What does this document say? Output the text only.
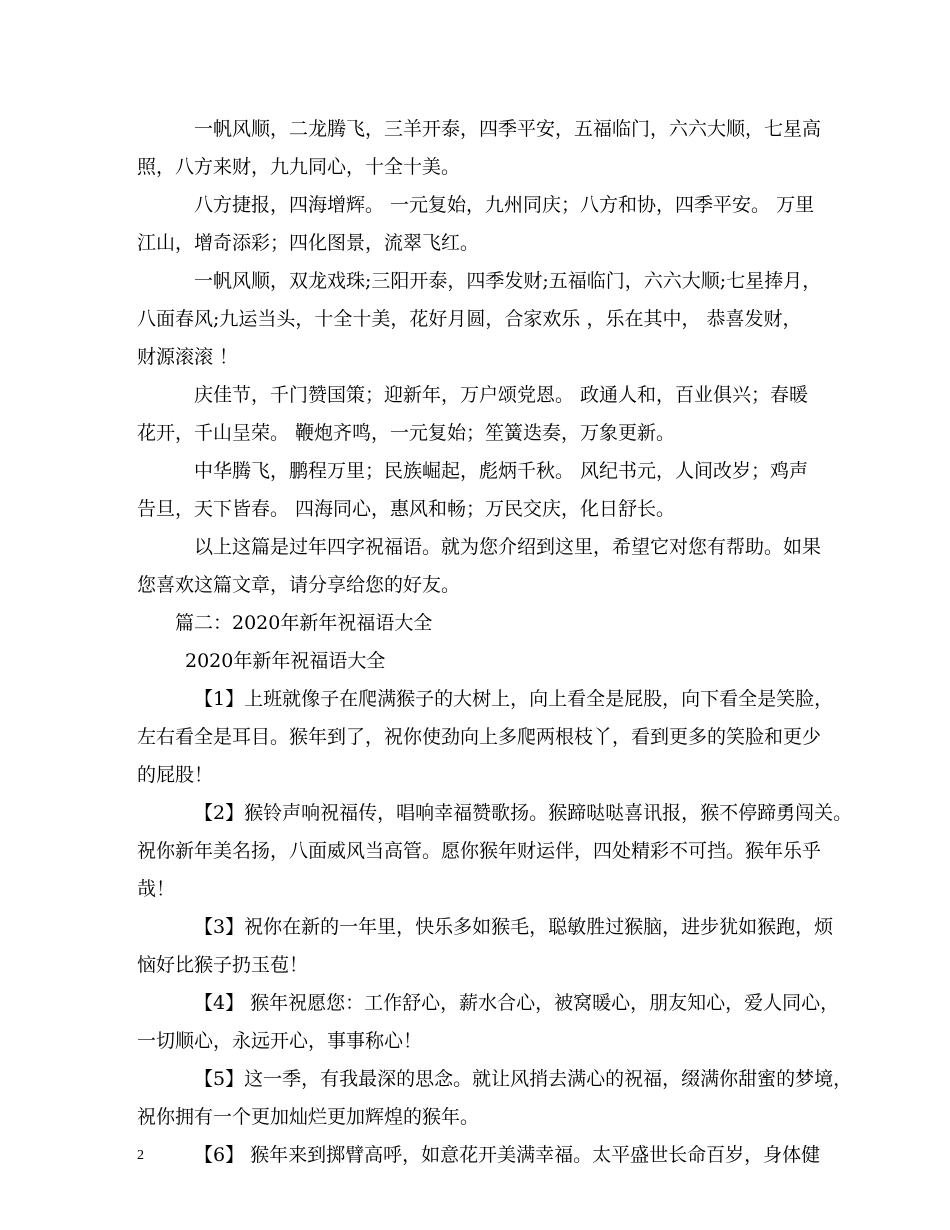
一帆风顺，二龙腾飞，三羊开泰，四季平安，五福临门，六六大顺，七星高
照，八方来财，九九同心，十全十美。
八方捷报，四海增辉。 一元复始，九州同庆；八方和协，四季平安。 万里
江山，增奇添彩；四化图景，流翠飞红。
一帆风顺，双龙戏珠;三阳开泰，四季发财;五福临门，六六大顺;七星捧月，
八面春风;九运当头，十全十美，花好月圆，合家欢乐 ，乐在其中， 恭喜发财，
财源滚滚 ！
庆佳节，千门赞国策；迎新年，万户颂党恩。 政通人和，百业俱兴；春暖
花开，千山呈荣。 鞭炮齐鸣，一元复始；笙簧迭奏，万象更新。
中华腾飞，鹏程万里；民族崛起，彪炳千秋。 风纪书元，人间改岁；鸡声
告旦，天下皆春。 四海同心，惠风和畅；万民交庆，化日舒长。
以上这篇是过年四字祝福语。就为您介绍到这里，希望它对您有帮助。如果
您喜欢这篇文章，请分享给您的好友。
篇二：2020年新年祝福语大全
2020年新年祝福语大全
【1】上班就像子在爬满猴子的大树上，向上看全是屁股，向下看全是笑脸，
左右看全是耳目。猴年到了，祝你使劲向上多爬两根枝丫，看到更多的笑脸和更少
的屁股！
【2】猴铃声响祝福传，唱响幸福赞歌扬。猴蹄哒哒喜讯报，猴不停蹄勇闯关。
祝你新年美名扬，八面威风当高管。愿你猴年财运伴，四处精彩不可挡。猴年乐乎
哉！
【3】祝你在新的一年里，快乐多如猴毛，聪敏胜过猴脑，进步犹如猴跑，烦
恼好比猴子扔玉苞！
【4】 猴年祝愿您：工作舒心，薪水合心，被窝暖心，朋友知心，爱人同心，
一切顺心，永远开心，事事称心！
【5】这一季，有我最深的思念。就让风捎去满心的祝福，缀满你甜蜜的梦境，
祝你拥有一个更加灿烂更加辉煌的猴年。
【6】 猴年来到掷臂高呼，如意花开美满幸福。太平盛世长命百岁，身体健
2
